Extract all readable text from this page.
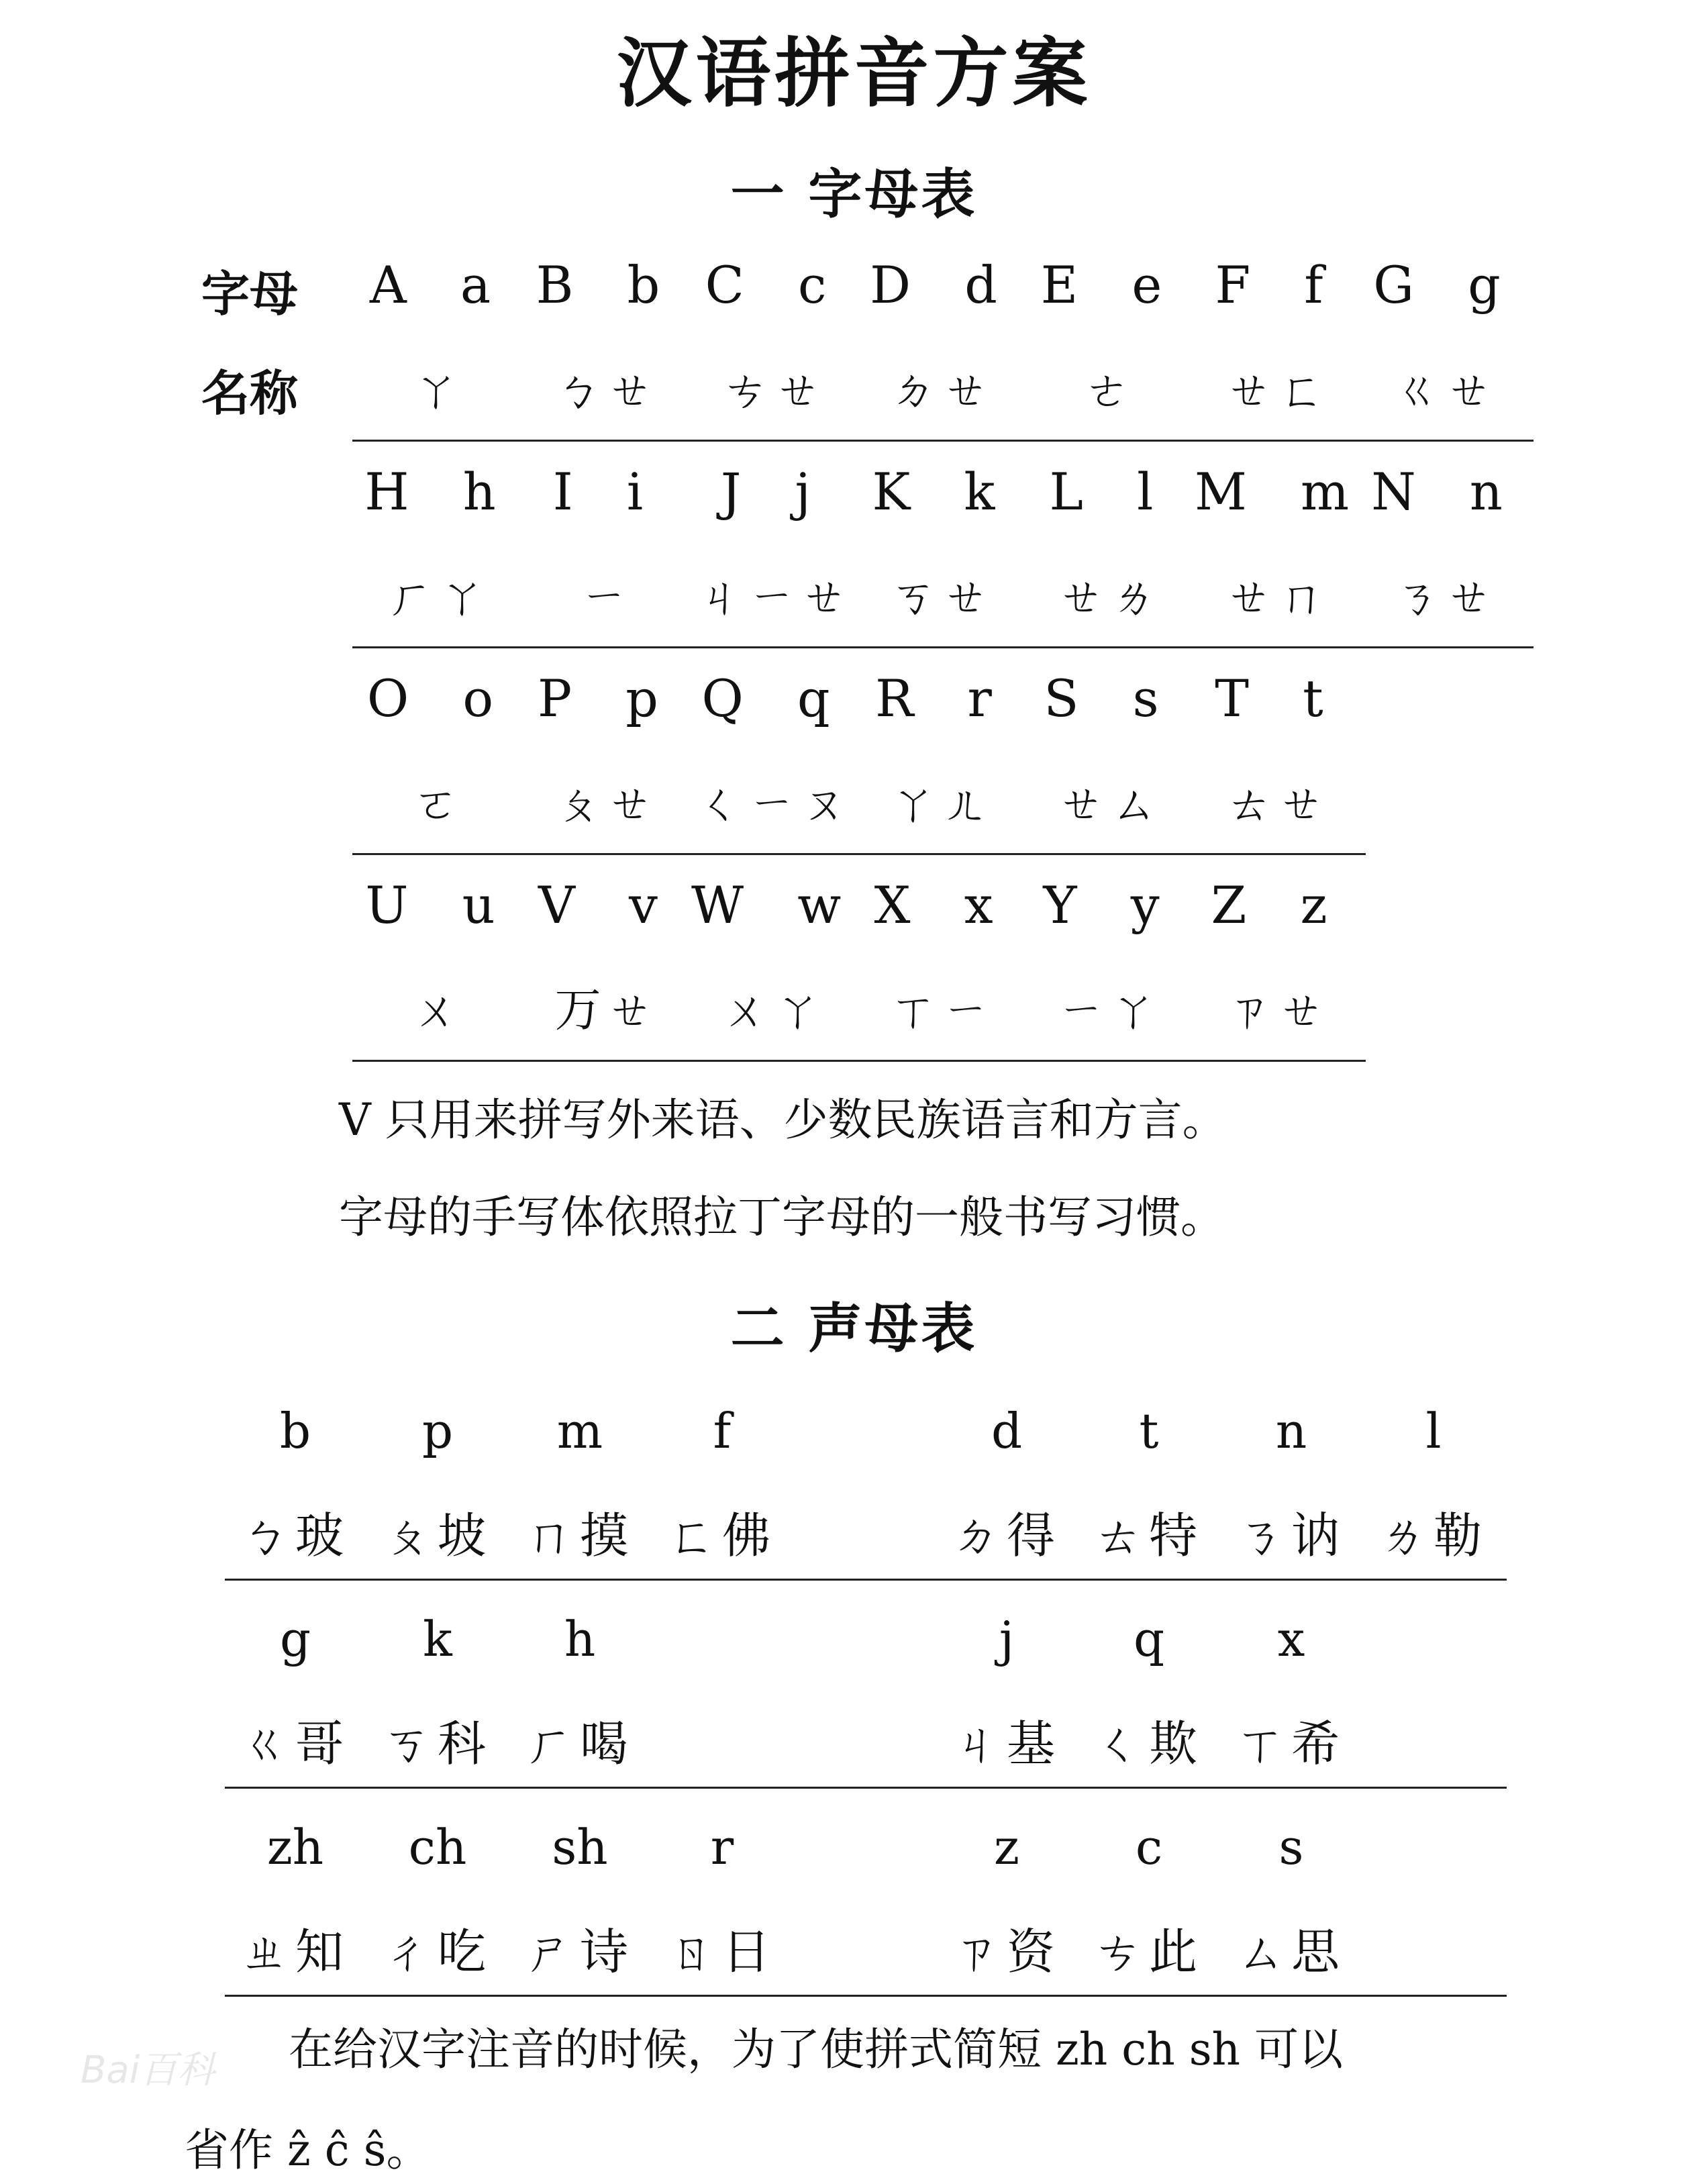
汉语拼音方案
一 字母表
字母
名称
A a
ㄚ
B b
ㄅㄝ
C c
ㄘㄝ
D d
ㄉㄝ
E e
ㄜ
F f
ㄝㄈ
G g
ㄍㄝ
H h
ㄏㄚ
I i
ㄧ
J j
ㄐㄧㄝ
K k
ㄎㄝ
L l
ㄝㄌ
M m
ㄝㄇ
N n
ㄋㄝ
O o
ㄛ
P p
ㄆㄝ
Q q
ㄑㄧㄡ
R r
ㄚㄦ
S s
ㄝㄙ
T t
ㄊㄝ
U u
ㄨ
V v
ㄪㄝ
W w
ㄨㄚ
X x
ㄒㄧ
Y y
ㄧㄚ
Z z
ㄗㄝ
V 只用来拼写外来语、少数民族语言和方言。
字母的手写体依照拉丁字母的一般书写习惯。
二 声母表
b
ㄅ玻
p
ㄆ坡
m
ㄇ摸
f
ㄈ佛
d
ㄉ得
t
ㄊ特
n
ㄋ讷
l
ㄌ勒
g
ㄍ哥
k
ㄎ科
h
ㄏ喝
j
ㄐ基
q
ㄑ欺
x
ㄒ希
zh
ㄓ知
ch
ㄔ吃
sh
ㄕ诗
r
ㄖ日
z
ㄗ资
c
ㄘ此
s
ㄙ思
在给汉字注音的时候，为了使拼式简短 zh ch sh 可以
省作 ẑ ĉ ŝ。
Bai百科
